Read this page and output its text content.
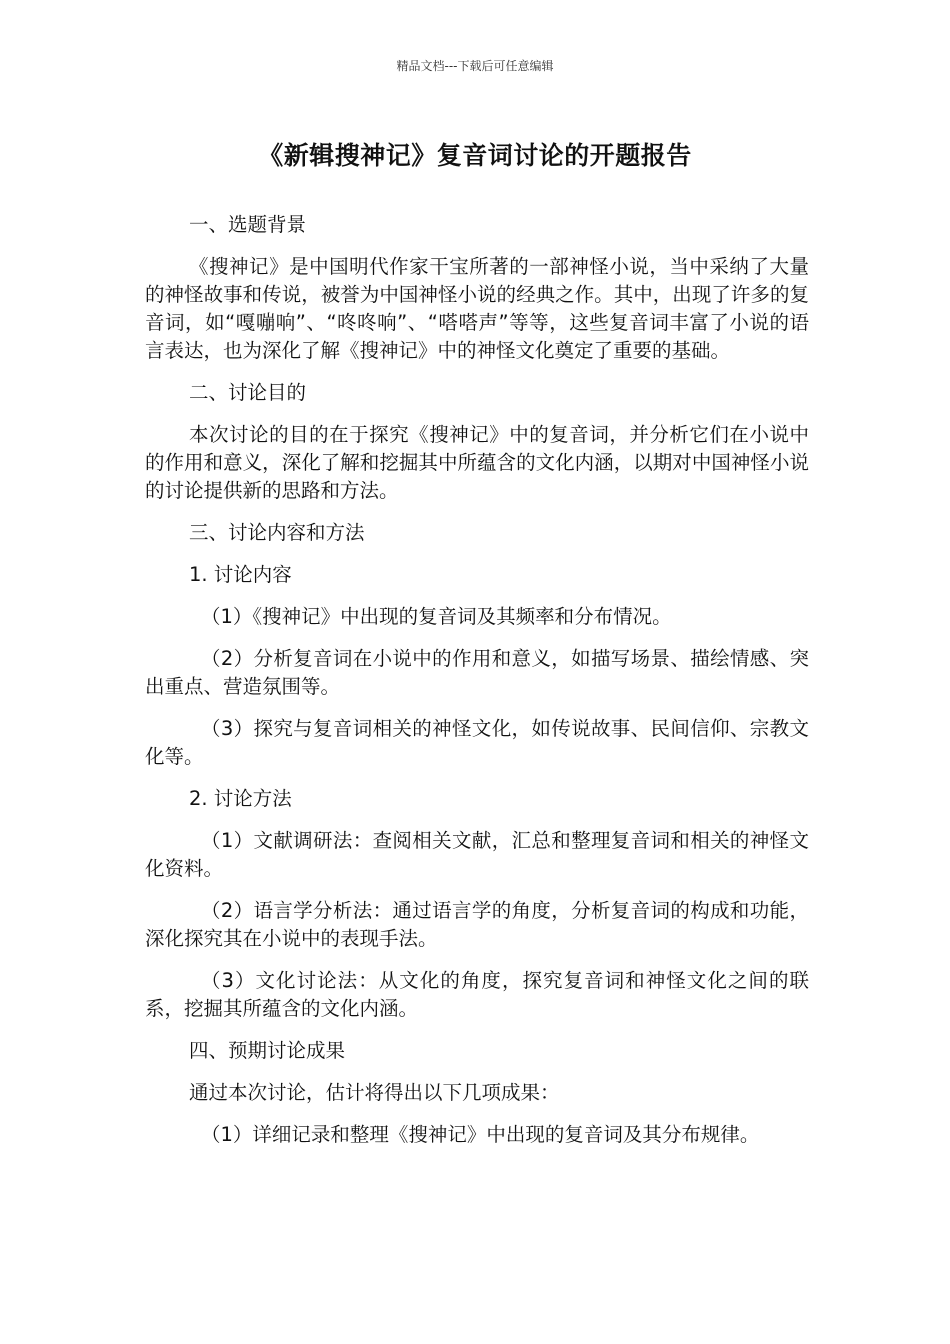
精品文档---下载后可任意编辑
《新辑搜神记》复音词讨论的开题报告

一、选题背景

《搜神记》是中国明代作家干宝所著的一部神怪小说，当中采纳了大量的神怪故事和传说，被誉为中国神怪小说的经典之作。其中，出现了许多的复音词，如“嘎嘣响”、“咚咚响”、“嗒嗒声”等等，这些复音词丰富了小说的语言表达，也为深化了解《搜神记》中的神怪文化奠定了重要的基础。

二、讨论目的

本次讨论的目的在于探究《搜神记》中的复音词，并分析它们在小说中的作用和意义，深化了解和挖掘其中所蕴含的文化内涵，以期对中国神怪小说的讨论提供新的思路和方法。

三、讨论内容和方法

1. 讨论内容

（1）《搜神记》中出现的复音词及其频率和分布情况。

（2）分析复音词在小说中的作用和意义，如描写场景、描绘情感、突出重点、营造氛围等。

（3）探究与复音词相关的神怪文化，如传说故事、民间信仰、宗教文化等。

2. 讨论方法

（1）文献调研法：查阅相关文献，汇总和整理复音词和相关的神怪文化资料。

（2）语言学分析法：通过语言学的角度，分析复音词的构成和功能，深化探究其在小说中的表现手法。

（3）文化讨论法：从文化的角度，探究复音词和神怪文化之间的联系，挖掘其所蕴含的文化内涵。

四、预期讨论成果

通过本次讨论，估计将得出以下几项成果：

（1）详细记录和整理《搜神记》中出现的复音词及其分布规律。
